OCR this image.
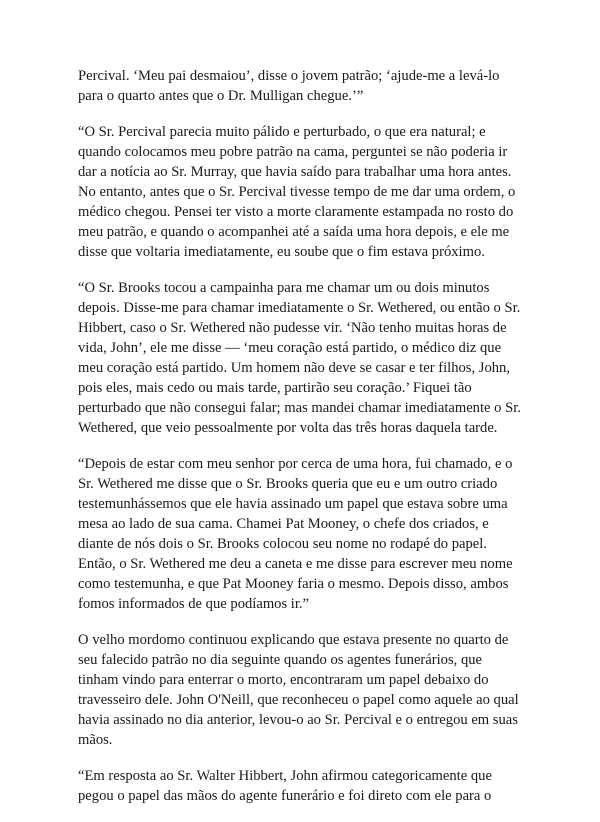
Percival. ‘Meu pai desmaiou’, disse o jovem patrão; ‘ajude-me a levá-lo
para o quarto antes que o Dr. Mulligan chegue.’”

“O Sr. Percival parecia muito pálido e perturbado, o que era natural; e
quando colocamos meu pobre patrão na cama, perguntei se não poderia ir
dar a notícia ao Sr. Murray, que havia saído para trabalhar uma hora antes.
No entanto, antes que o Sr. Percival tivesse tempo de me dar uma ordem, o
médico chegou. Pensei ter visto a morte claramente estampada no rosto do
meu patrão, e quando o acompanhei até a saída uma hora depois, e ele me
disse que voltaria imediatamente, eu soube que o fim estava próximo.

“O Sr. Brooks tocou a campainha para me chamar um ou dois minutos
depois. Disse-me para chamar imediatamente o Sr. Wethered, ou então o Sr.
Hibbert, caso o Sr. Wethered não pudesse vir. ‘Não tenho muitas horas de
vida, John’, ele me disse — ‘meu coração está partido, o médico diz que
meu coração está partido. Um homem não deve se casar e ter filhos, John,
pois eles, mais cedo ou mais tarde, partirão seu coração.’ Fiquei tão
perturbado que não consegui falar; mas mandei chamar imediatamente o Sr.
Wethered, que veio pessoalmente por volta das três horas daquela tarde.

“Depois de estar com meu senhor por cerca de uma hora, fui chamado, e o
Sr. Wethered me disse que o Sr. Brooks queria que eu e um outro criado
testemunhássemos que ele havia assinado um papel que estava sobre uma
mesa ao lado de sua cama. Chamei Pat Mooney, o chefe dos criados, e
diante de nós dois o Sr. Brooks colocou seu nome no rodapé do papel.
Então, o Sr. Wethered me deu a caneta e me disse para escrever meu nome
como testemunha, e que Pat Mooney faria o mesmo. Depois disso, ambos
fomos informados de que podíamos ir.”

O velho mordomo continuou explicando que estava presente no quarto de
seu falecido patrão no dia seguinte quando os agentes funerários, que
tinham vindo para enterrar o morto, encontraram um papel debaixo do
travesseiro dele. John O'Neill, que reconheceu o papel como aquele ao qual
havia assinado no dia anterior, levou-o ao Sr. Percival e o entregou em suas
mãos.

“Em resposta ao Sr. Walter Hibbert, John afirmou categoricamente que
pegou o papel das mãos do agente funerário e foi direto com ele para o
